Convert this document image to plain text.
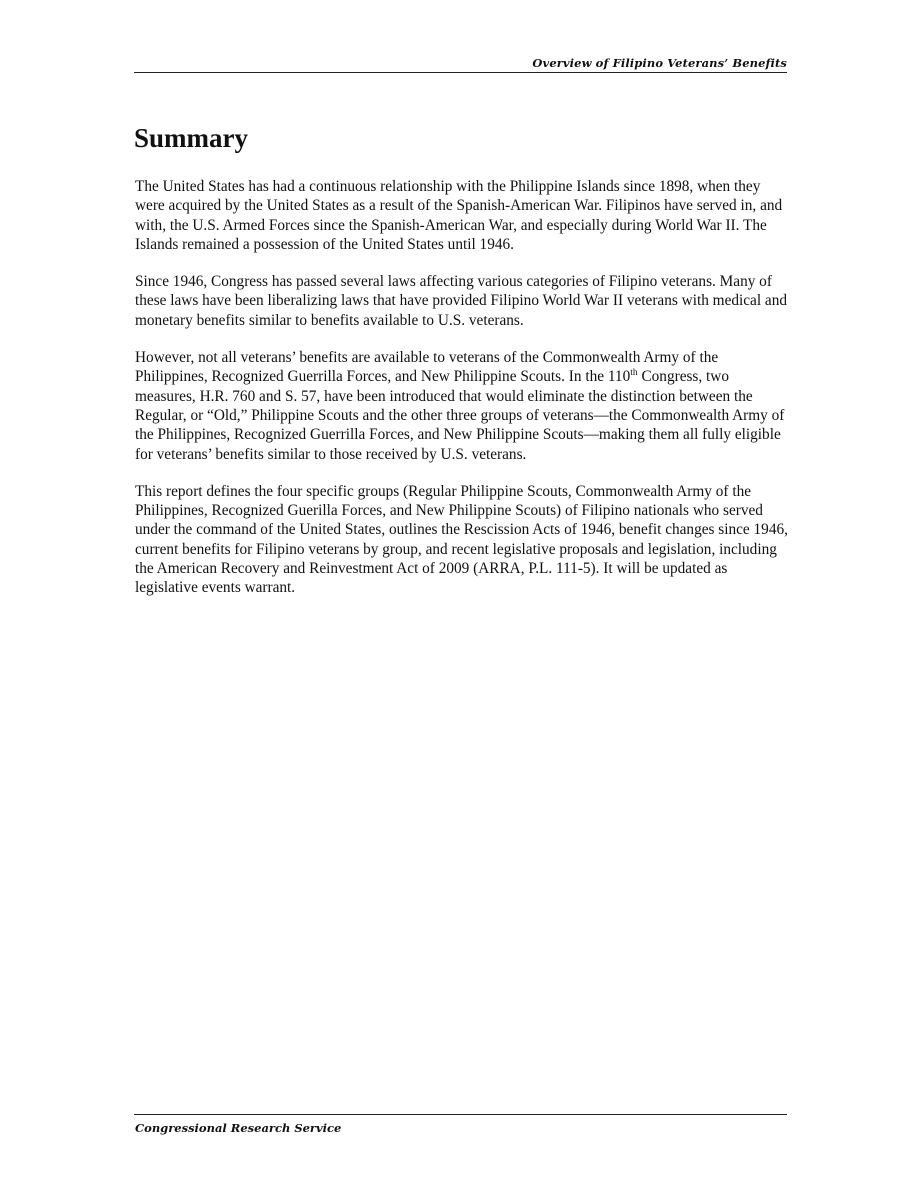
Overview of Filipino Veterans’ Benefits
Summary

The United States has had a continuous relationship with the Philippine Islands since 1898, when they were acquired by the United States as a result of the Spanish-American War. Filipinos have served in, and with, the U.S. Armed Forces since the Spanish-American War, and especially during World War II. The Islands remained a possession of the United States until 1946.

Since 1946, Congress has passed several laws affecting various categories of Filipino veterans. Many of these laws have been liberalizing laws that have provided Filipino World War II veterans with medical and monetary benefits similar to benefits available to U.S. veterans.

However, not all veterans’ benefits are available to veterans of the Commonwealth Army of the Philippines, Recognized Guerrilla Forces, and New Philippine Scouts. In the 110th Congress, two measures, H.R. 760 and S. 57, have been introduced that would eliminate the distinction between the Regular, or “Old,” Philippine Scouts and the other three groups of veterans—the Commonwealth Army of the Philippines, Recognized Guerrilla Forces, and New Philippine Scouts—making them all fully eligible for veterans’ benefits similar to those received by U.S. veterans.

This report defines the four specific groups (Regular Philippine Scouts, Commonwealth Army of the Philippines, Recognized Guerilla Forces, and New Philippine Scouts) of Filipino nationals who served under the command of the United States, outlines the Rescission Acts of 1946, benefit changes since 1946, current benefits for Filipino veterans by group, and recent legislative proposals and legislation, including the American Recovery and Reinvestment Act of 2009 (ARRA, P.L. 111-5). It will be updated as legislative events warrant.

Congressional Research Service
